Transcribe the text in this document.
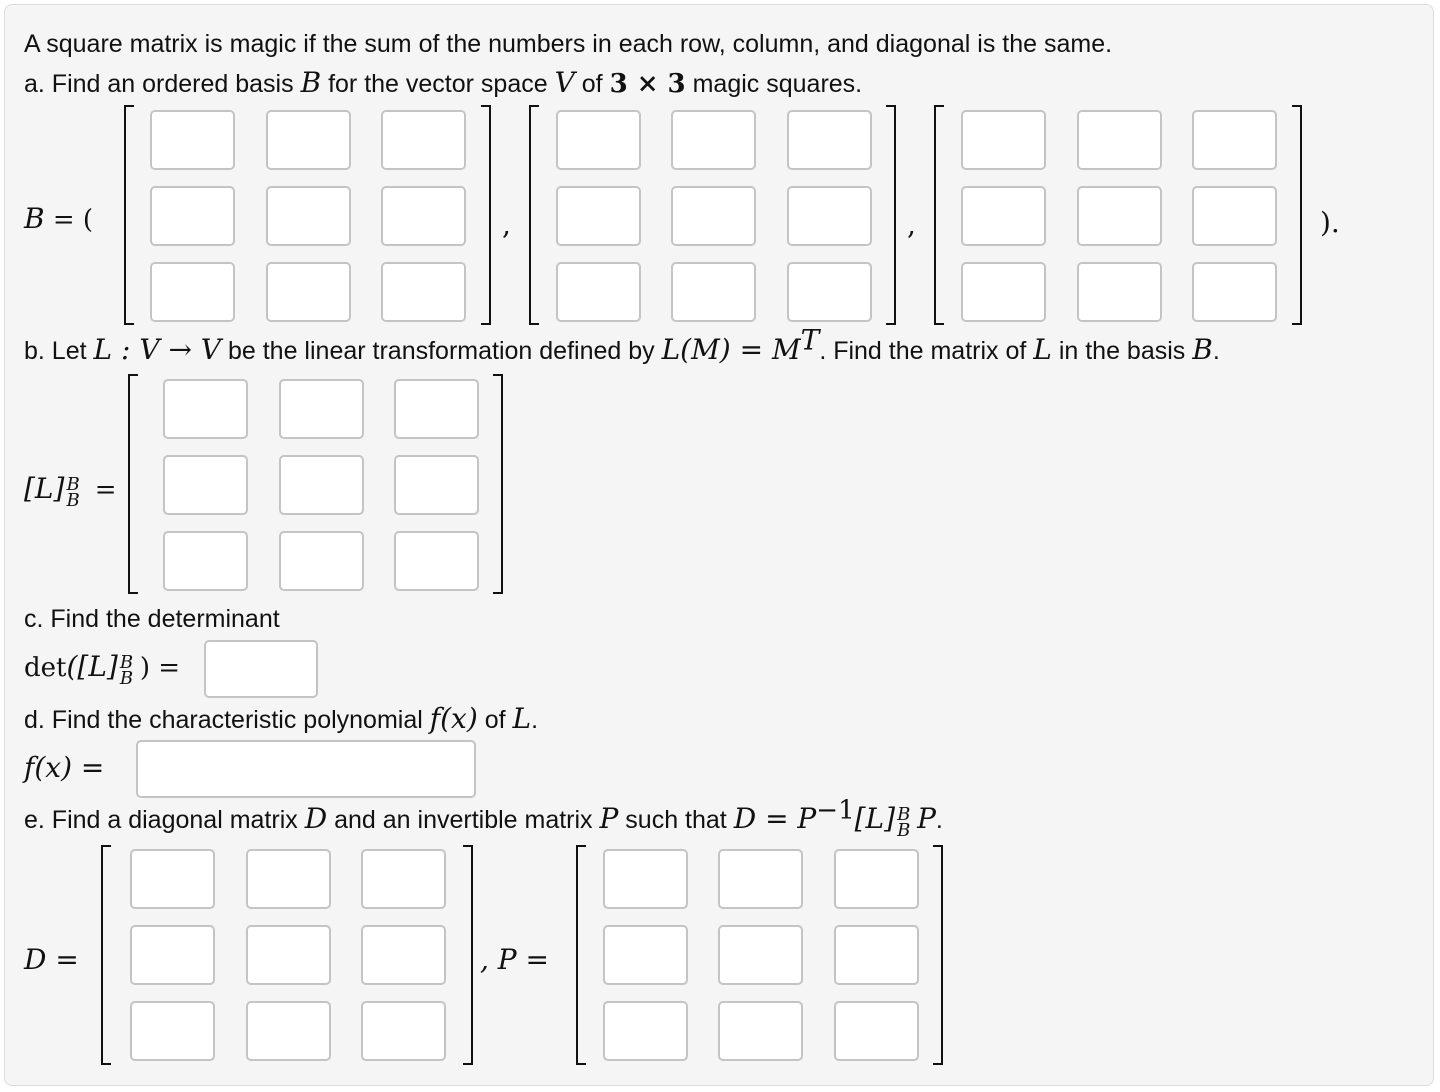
A square matrix is magic if the sum of the numbers in each row, column, and diagonal is the same.
a. Find an ordered basis B for the vector space V of 3 × 3 magic squares.
B = (	,	,	).
b. Let L : V → V be the linear transformation defined by $L(M) = M^T$. Find the matrix of L in the basis B.
[L] B
B =
c. Find the determinant
det([L] B
B ) =
d. Find the characteristic polynomial f(x) of L.
f(x) =
e. Find a diagonal matrix D and an invertible matrix P such that $D = P^{-1}[L]$ B
B P.
D =	, P =
